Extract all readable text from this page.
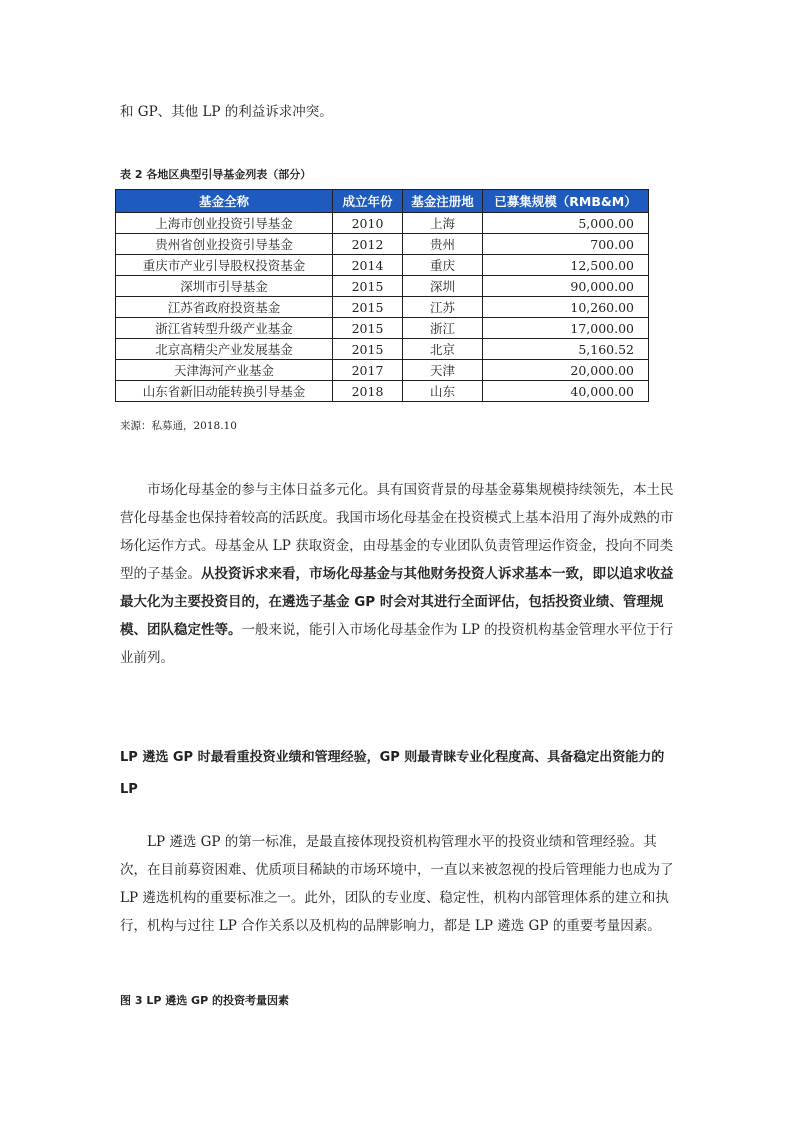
和 GP、其他 LP 的利益诉求冲突。
表 2 各地区典型引导基金列表（部分）
基金全称	成立年份	基金注册地	已募集规模（RMB&M）
上海市创业投资引导基金	2010	上海	5,000.00
贵州省创业投资引导基金	2012	贵州	700.00
重庆市产业引导股权投资基金	2014	重庆	12,500.00
深圳市引导基金	2015	深圳	90,000.00
江苏省政府投资基金	2015	江苏	10,260.00
浙江省转型升级产业基金	2015	浙江	17,000.00
北京高精尖产业发展基金	2015	北京	5,160.52
天津海河产业基金	2017	天津	20,000.00
山东省新旧动能转换引导基金	2018	山东	40,000.00
来源：私募通，2018.10
市场化母基金的参与主体日益多元化。具有国资背景的母基金募集规模持续领先，本土民营化母基金也保持着较高的活跃度。我国市场化母基金在投资模式上基本沿用了海外成熟的市场化运作方式。母基金从 LP 获取资金，由母基金的专业团队负责管理运作资金，投向不同类型的子基金。从投资诉求来看，市场化母基金与其他财务投资人诉求基本一致，即以追求收益最大化为主要投资目的，在遴选子基金 GP 时会对其进行全面评估，包括投资业绩、管理规模、团队稳定性等。一般来说，能引入市场化母基金作为 LP 的投资机构基金管理水平位于行业前列。
LP 遴选 GP 时最看重投资业绩和管理经验，GP 则最青睐专业化程度高、具备稳定出资能力的 LP
LP 遴选 GP 的第一标准，是最直接体现投资机构管理水平的投资业绩和管理经验。其次，在目前募资困难、优质项目稀缺的市场环境中，一直以来被忽视的投后管理能力也成为了 LP 遴选机构的重要标准之一。此外，团队的专业度、稳定性，机构内部管理体系的建立和执行，机构与过往 LP 合作关系以及机构的品牌影响力，都是 LP 遴选 GP 的重要考量因素。
图 3 LP 遴选 GP 的投资考量因素
